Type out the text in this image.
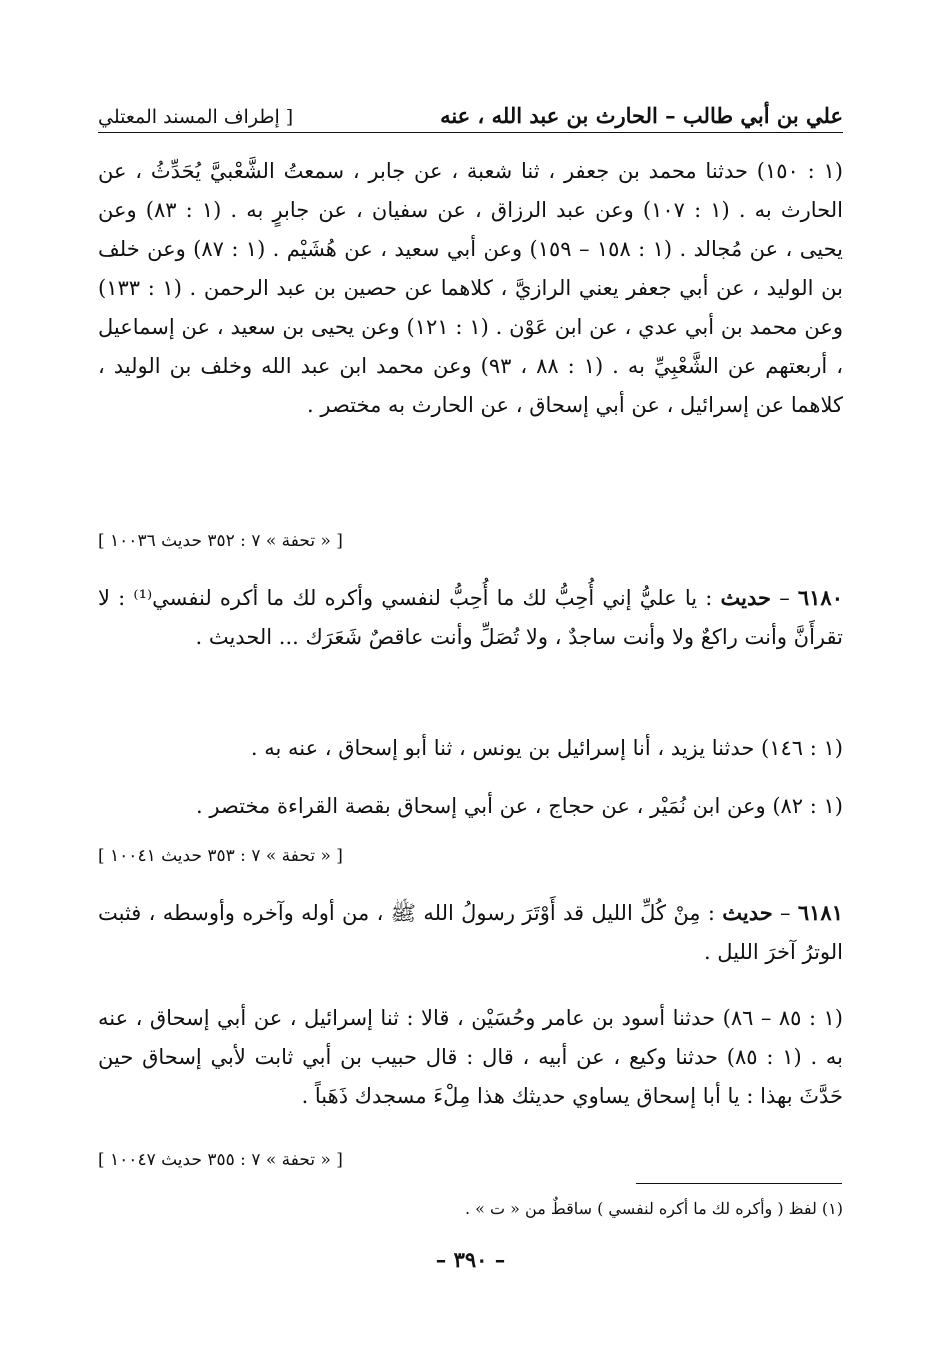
علي بن أبي طالب – الحارث بن عبد الله ، عنه
[ إطراف المسند المعتلي
(١ : ١٥٠) حدثنا محمد بن جعفر ، ثنا شعبة ، عن جابر ، سمعتُ الشَّعْبيَّ يُحَدِّثُ ، عن الحارث به . (١ : ١٠٧) وعن عبد الرزاق ، عن سفيان ، عن جابرٍ به . (١ : ٨٣) وعن يحيى ، عن مُجالد . (١ : ١٥٨ – ١٥٩) وعن أبي سعيد ، عن هُشَيْم . (١ : ٨٧) وعن خلف بن الوليد ، عن أبي جعفر يعني الرازيَّ ، كلاهما عن حصين بن عبد الرحمن . (١ : ١٣٣) وعن محمد بن أبي عدي ، عن ابن عَوْن . (١ : ١٢١) وعن يحيى بن سعيد ، عن إسماعيل ، أربعتهم عن الشَّعْبِيِّ به . (١ : ٨٨ ، ٩٣) وعن محمد ابن عبد الله وخلف بن الوليد ، كلاهما عن إسرائيل ، عن أبي إسحاق ، عن الحارث به مختصر .
[ « تحفة » ٧ : ٣٥٢ حديث ١٠٠٣٦ ]
٦١٨٠ – حديث : يا عليُّ إني أُحِبُّ لك ما أُحِبُّ لنفسي وأكره لك ما أكره لنفسي⁽¹⁾ : لا تقرأَنَّ وأنت راكعٌ ولا وأنت ساجدٌ ، ولا تُصَلِّ وأنت عاقصٌ شَعَرَك ... الحديث .
(١ : ١٤٦) حدثنا يزيد ، أنا إسرائيل بن يونس ، ثنا أبو إسحاق ، عنه به .
(١ : ٨٢) وعن ابن نُمَيْر ، عن حجاج ، عن أبي إسحاق بقصة القراءة مختصر .
[ « تحفة » ٧ : ٣٥٣ حديث ١٠٠٤١ ]
٦١٨١ – حديث : مِنْ كُلِّ الليل قد أَوْتَرَ رسولُ الله ﷺ ، من أوله وآخره وأوسطه ، فثبت الوترُ آخرَ الليل .
(١ : ٨٥ – ٨٦) حدثنا أسود بن عامر وحُسَيْن ، قالا : ثنا إسرائيل ، عن أبي إسحاق ، عنه به . (١ : ٨٥) حدثنا وكيع ، عن أبيه ، قال : قال حبيب بن أبي ثابت لأبي إسحاق حين حَدَّثَ بهذا : يا أبا إسحاق يساوي حديثك هذا مِلْءَ مسجدك ذَهَباً .
[ « تحفة » ٧ : ٣٥٥ حديث ١٠٠٤٧ ]
(١) لفظ ( وأكره لك ما أكره لنفسي ) ساقطٌ من « ت » .
– ٣٩٠ –
